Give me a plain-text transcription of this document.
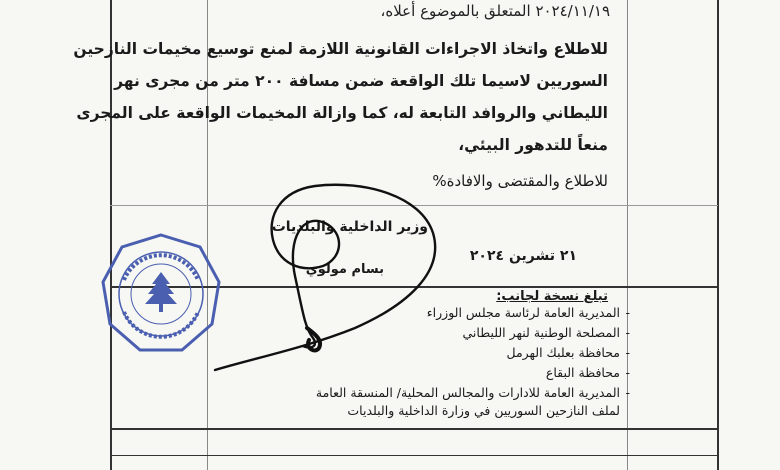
٢٠٢٤/١١/١٩ المتعلق بالموضوع أعلاه،
للاطلاع واتخاذ الاجراءات القانونية اللازمة لمنع توسيع مخيمات النازحين
السوريين لاسيما تلك الواقعة ضمن مسافة ٢٠٠ متر من مجرى نهر
الليطاني والروافد التابعة له، كما وازالة المخيمات الواقعة على المجرى
منعاً للتدهور البيئي،
للاطلاع والمقتضى والافادة%
وزير الداخلية والبلديات
بسام مولوي
٢١ تشرين ٢٠٢٤
تبلغ نسخة لجانب:
المديرية العامة لرئاسة مجلس الوزراء -
المصلحة الوطنية لنهر الليطاني -
محافظة بعلبك الهرمل -
محافظة البقاع -
المديرية العامة للادارات والمجالس المحلية/ المنسقة العامة -
لملف النازحين السوريين في وزارة الداخلية والبلديات
